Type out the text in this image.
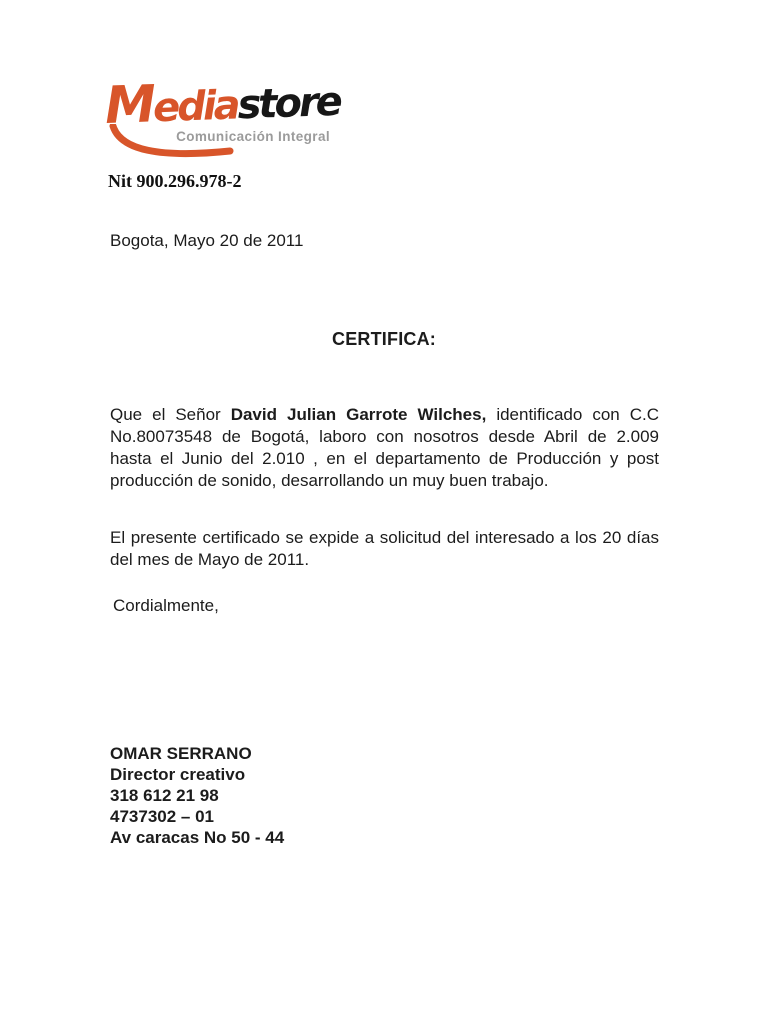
Mediastore
Comunicación Integral
Nit 900.296.978-2
Bogota, Mayo 20 de 2011
CERTIFICA:

Que el Señor David Julian Garrote Wilches, identificado con C.C No.80073548 de Bogotá, laboro con nosotros desde Abril de 2.009 hasta el Junio del 2.010 , en el departamento de Producción y post producción de sonido, desarrollando un muy buen trabajo.

El presente certificado se expide a solicitud del interesado a los 20 días del mes de Mayo de 2011.

Cordialmente,
OMAR SERRANO
Director creativo
318 612 21 98
4737302 – 01
Av caracas No 50 - 44
